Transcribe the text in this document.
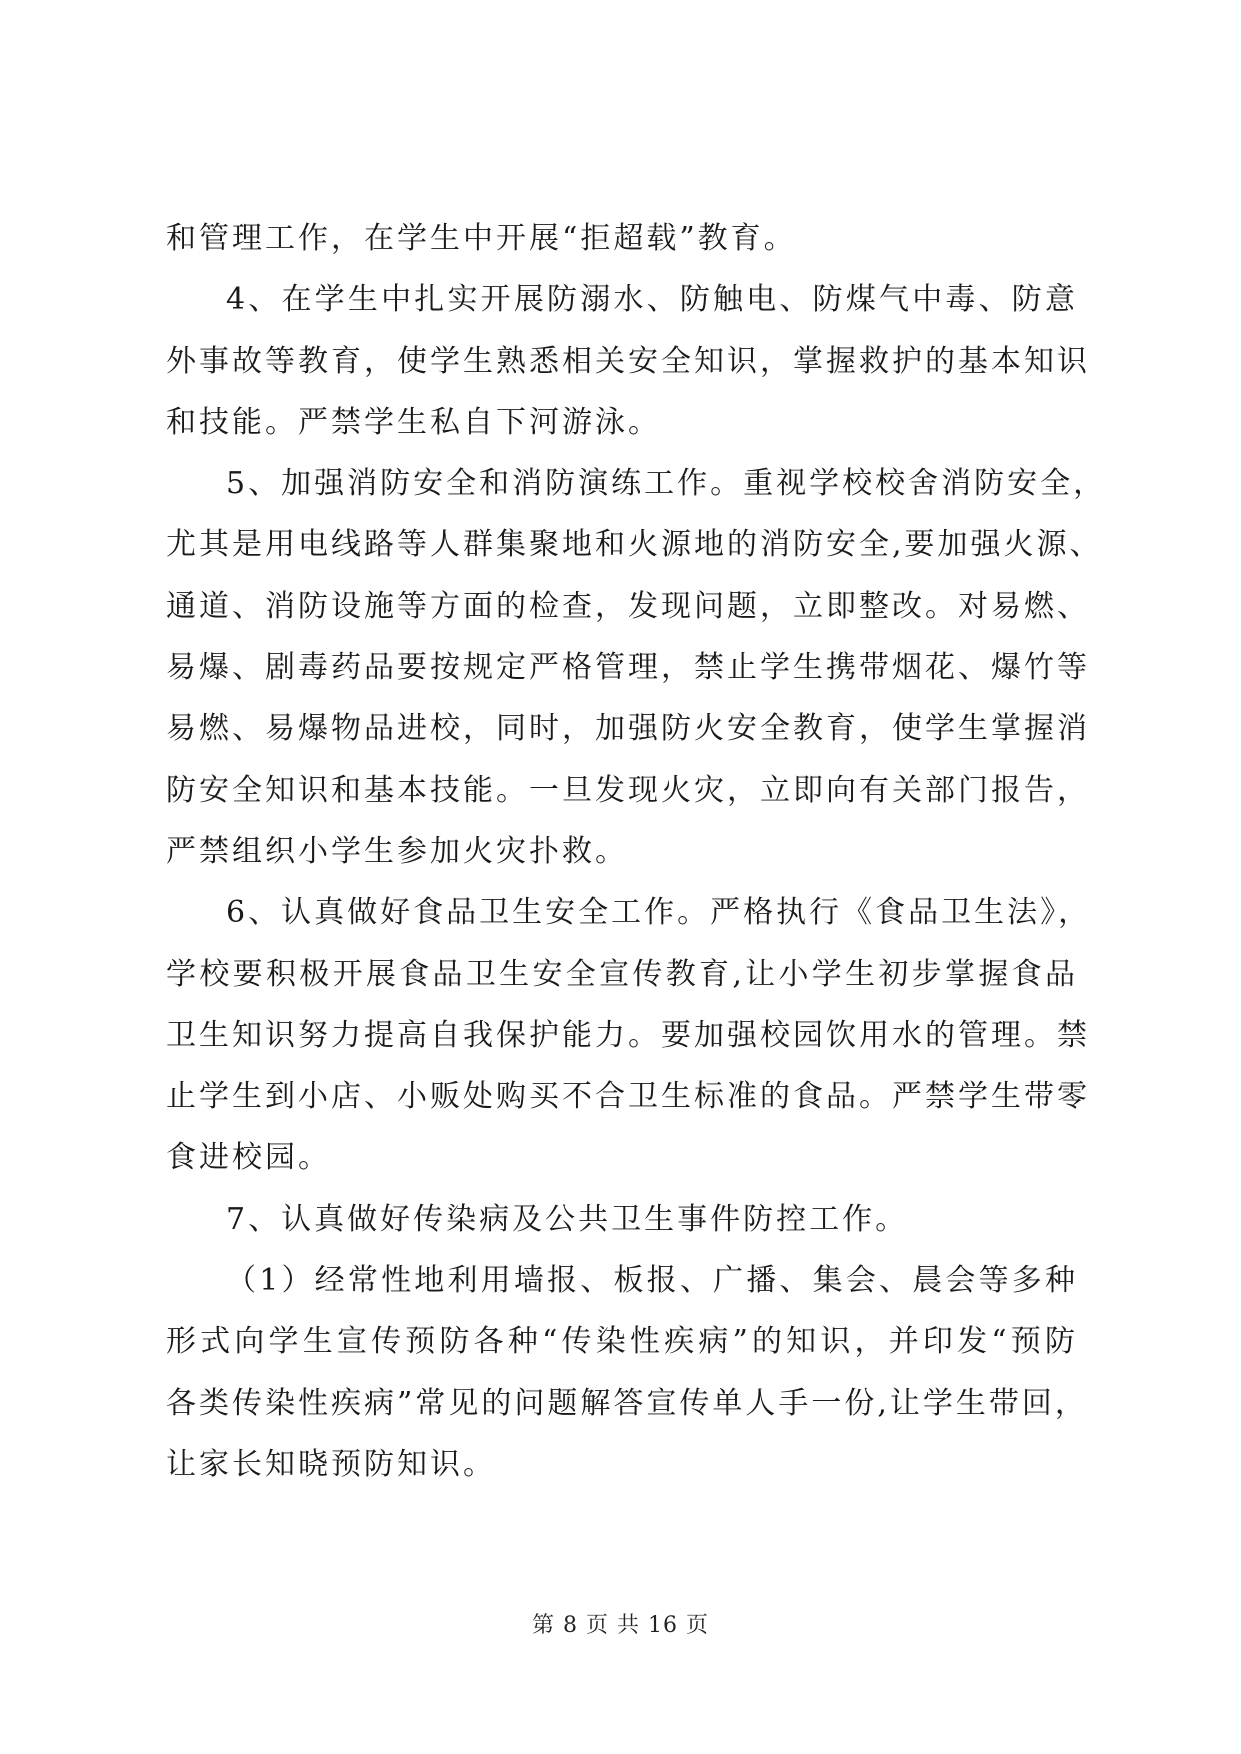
和管理工作，在学生中开展“拒超载”教育。

4、在学生中扎实开展防溺水、防触电、防煤气中毒、防意
外事故等教育，使学生熟悉相关安全知识，掌握救护的基本知识
和技能。严禁学生私自下河游泳。

5、加强消防安全和消防演练工作。重视学校校舍消防安全，
尤其是用电线路等人群集聚地和火源地的消防安全,要加强火源、
通道、消防设施等方面的检查，发现问题，立即整改。对易燃、
易爆、剧毒药品要按规定严格管理，禁止学生携带烟花、爆竹等
易燃、易爆物品进校，同时，加强防火安全教育，使学生掌握消
防安全知识和基本技能。一旦发现火灾，立即向有关部门报告，
严禁组织小学生参加火灾扑救。

6、认真做好食品卫生安全工作。严格执行《食品卫生法》，
学校要积极开展食品卫生安全宣传教育,让小学生初步掌握食品
卫生知识努力提高自我保护能力。要加强校园饮用水的管理。禁
止学生到小店、小贩处购买不合卫生标准的食品。严禁学生带零
食进校园。

7、认真做好传染病及公共卫生事件防控工作。

（1）经常性地利用墙报、板报、广播、集会、晨会等多种
形式向学生宣传预防各种“传染性疾病”的知识，并印发“预防
各类传染性疾病”常见的问题解答宣传单人手一份,让学生带回，
让家长知晓预防知识。

第 8 页 共 16 页
